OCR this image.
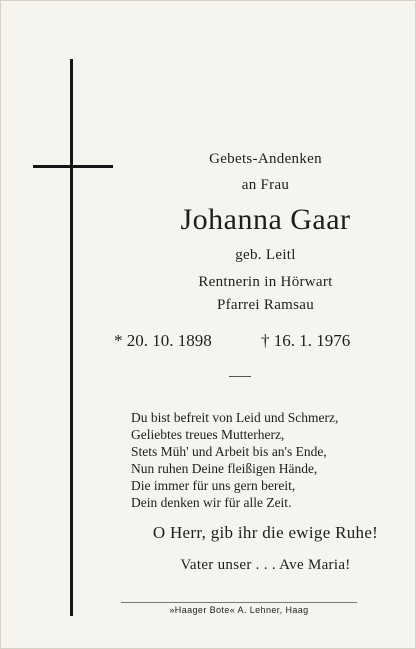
Gebets-Andenken
an Frau
Johanna Gaar
geb. Leitl
Rentnerin in Hörwart
Pfarrei Ramsau
* 20. 10. 1898	† 16. 1. 1976
Du bist befreit von Leid und Schmerz,
Geliebtes treues Mutterherz,
Stets Müh' und Arbeit bis an's Ende,
Nun ruhen Deine fleißigen Hände,
Die immer für uns gern bereit,
Dein denken wir für alle Zeit.
O Herr, gib ihr die ewige Ruhe!
Vater unser . . . Ave Maria!
»Haager Bote« A. Lehner, Haag
